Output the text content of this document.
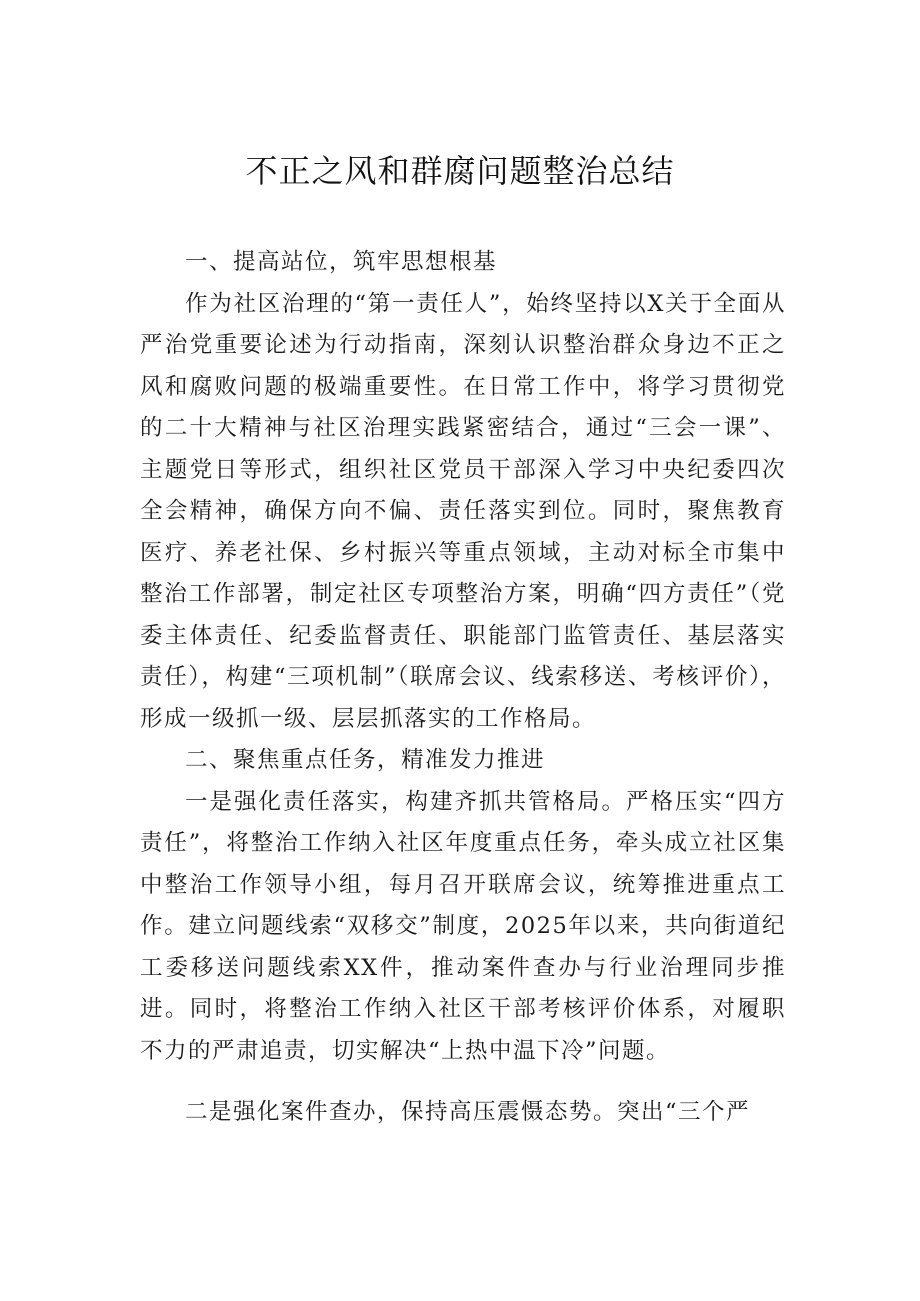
不正之风和群腐问题整治总结

一、提高站位，筑牢思想根基

作为社区治理的“第一责任人”，始终坚持以X关于全面从严治党重要论述为行动指南，深刻认识整治群众身边不正之风和腐败问题的极端重要性。在日常工作中，将学习贯彻党的二十大精神与社区治理实践紧密结合，通过“三会一课”、主题党日等形式，组织社区党员干部深入学习中央纪委四次全会精神，确保方向不偏、责任落实到位。同时，聚焦教育医疗、养老社保、乡村振兴等重点领域，主动对标全市集中整治工作部署，制定社区专项整治方案，明确“四方责任”（党委主体责任、纪委监督责任、职能部门监管责任、基层落实责任），构建“三项机制”（联席会议、线索移送、考核评价），形成一级抓一级、层层抓落实的工作格局。

二、聚焦重点任务，精准发力推进

一是强化责任落实，构建齐抓共管格局。严格压实“四方责任”，将整治工作纳入社区年度重点任务，牵头成立社区集中整治工作领导小组，每月召开联席会议，统筹推进重点工作。建立问题线索“双移交”制度，2025年以来，共向街道纪工委移送问题线索XX件，推动案件查办与行业治理同步推进。同时，将整治工作纳入社区干部考核评价体系，对履职不力的严肃追责，切实解决“上热中温下冷”问题。

二是强化案件查办，保持高压震慑态势。突出“三个严
